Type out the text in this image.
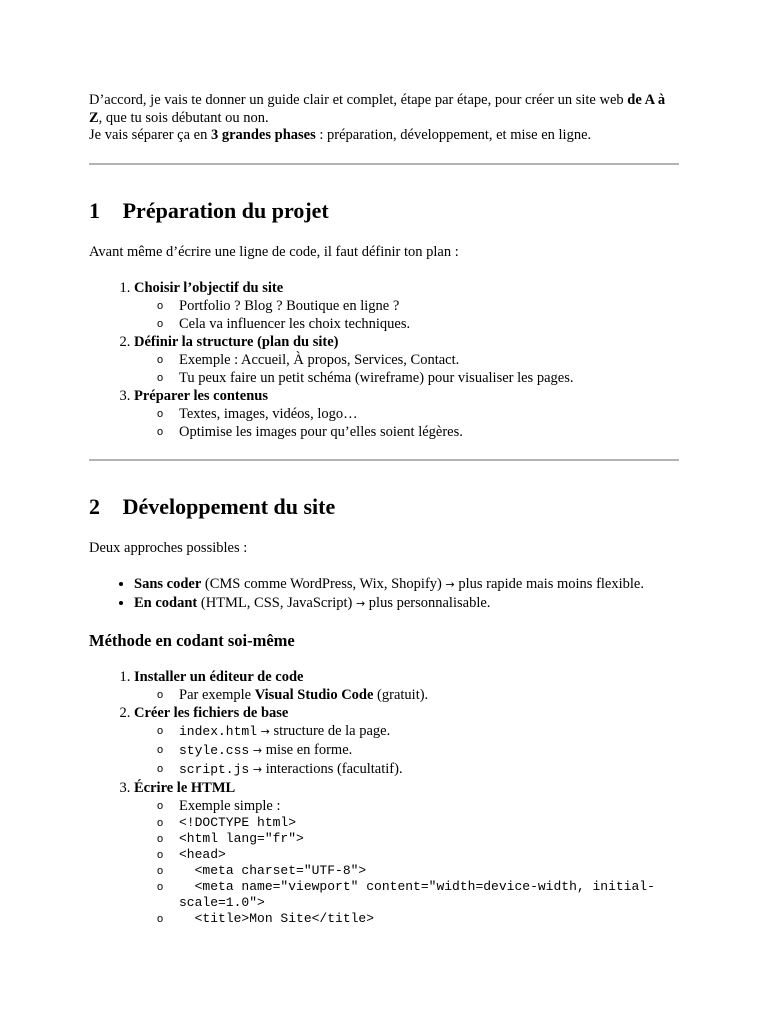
D’accord, je vais te donner un guide clair et complet, étape par étape, pour créer un site web de A à Z, que tu sois débutant ou non.
Je vais séparer ça en 3 grandes phases : préparation, développement, et mise en ligne.

1⃣ Préparation du projet

Avant même d’écrire une ligne de code, il faut définir ton plan :

1. Choisir l’objectif du site
o Portfolio ? Blog ? Boutique en ligne ?
o Cela va influencer les choix techniques.
2. Définir la structure (plan du site)
o Exemple : Accueil, À propos, Services, Contact.
o Tu peux faire un petit schéma (wireframe) pour visualiser les pages.
3. Préparer les contenus
o Textes, images, vidéos, logo…
o Optimise les images pour qu’elles soient légères.
2⃣ Développement du site

Deux approches possibles :

• Sans coder (CMS comme WordPress, Wix, Shopify) → plus rapide mais moins flexible.
• En codant (HTML, CSS, JavaScript) → plus personnalisable.
Méthode en codant soi-même
1. Installer un éditeur de code
o Par exemple Visual Studio Code (gratuit).
2. Créer les fichiers de base
o index.html → structure de la page.
o style.css → mise en forme.
o script.js → interactions (facultatif).
3. Écrire le HTML
o Exemple simple :
o <!DOCTYPE html>
o <html lang="fr">
o <head>
o   <meta charset="UTF-8">
o   <meta name="viewport" content="width=device-width, initial-scale=1.0">
o   <title>Mon Site</title>
